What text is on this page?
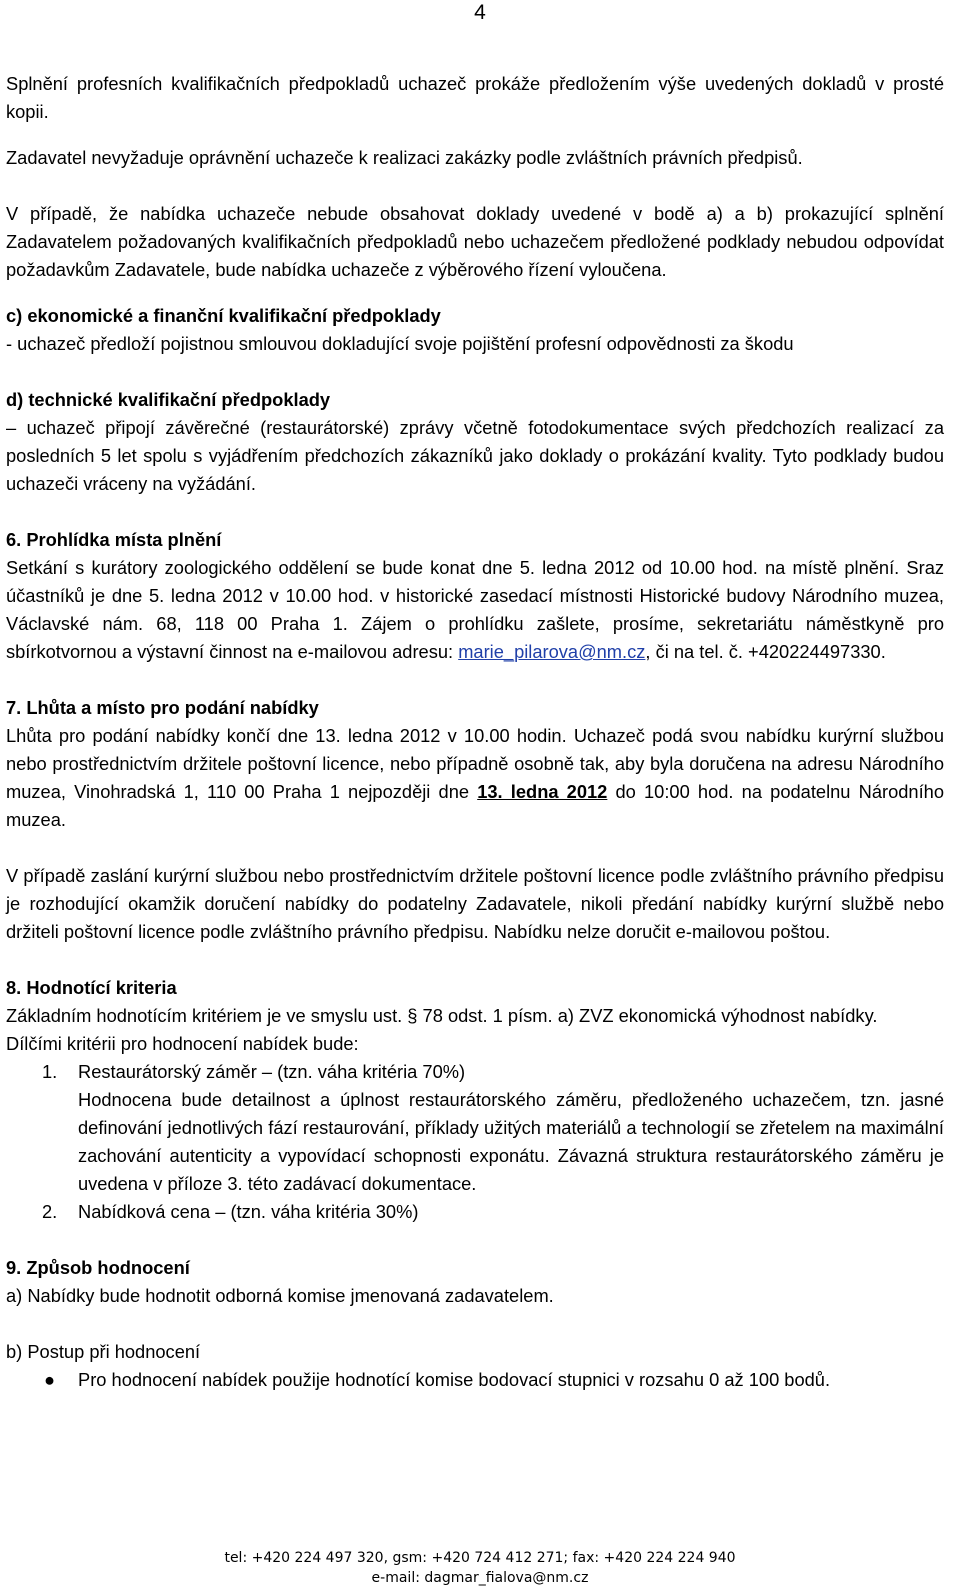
4

Splnění profesních kvalifikačních předpokladů uchazeč prokáže předložením výše uvedených dokladů v prosté kopii.

Zadavatel nevyžaduje oprávnění uchazeče k realizaci zakázky podle zvláštních právních předpisů.

V případě, že nabídka uchazeče nebude obsahovat doklady uvedené v bodě a) a b) prokazující splnění Zadavatelem požadovaných kvalifikačních předpokladů nebo uchazečem předložené podklady nebudou odpovídat požadavkům Zadavatele, bude nabídka uchazeče z výběrového řízení vyloučena.

c) ekonomické a finanční kvalifikační předpoklady

- uchazeč předloží pojistnou smlouvou dokladující svoje pojištění profesní odpovědnosti za škodu

d) technické kvalifikační předpoklady

– uchazeč připojí závěrečné (restaurátorské) zprávy včetně fotodokumentace svých předchozích realizací za posledních 5 let spolu s vyjádřením předchozích zákazníků jako doklady o prokázání kvality. Tyto podklady budou uchazeči vráceny na vyžádání.

6. Prohlídka místa plnění

Setkání s kurátory zoologického oddělení se bude konat dne 5. ledna 2012 od 10.00 hod. na místě plnění. Sraz účastníků je dne 5. ledna 2012 v 10.00 hod. v historické zasedací místnosti Historické budovy Národního muzea, Václavské nám. 68, 118 00 Praha 1. Zájem o prohlídku zašlete, prosíme, sekretariátu náměstkyně pro sbírkotvornou a výstavní činnost na e-mailovou adresu: marie_pilarova@nm.cz, či na tel. č. +420224497330.

7. Lhůta a místo pro podání nabídky

Lhůta pro podání nabídky končí dne 13. ledna 2012 v 10.00 hodin. Uchazeč podá svou nabídku kurýrní službou nebo prostřednictvím držitele poštovní licence, nebo případně osobně tak, aby byla doručena na adresu Národního muzea, Vinohradská 1, 110 00 Praha 1 nejpozději dne 13. ledna 2012 do 10:00 hod. na podatelnu Národního muzea.

V případě zaslání kurýrní službou nebo prostřednictvím držitele poštovní licence podle zvláštního právního předpisu je rozhodující okamžik doručení nabídky do podatelny Zadavatele, nikoli předání nabídky kurýrní službě nebo držiteli poštovní licence podle zvláštního právního předpisu. Nabídku nelze doručit e-mailovou poštou.

8. Hodnotící kriteria

Základním hodnotícím kritériem je ve smyslu ust. § 78 odst. 1 písm. a) ZVZ ekonomická výhodnost nabídky.

Dílčími kritérii pro hodnocení nabídek bude:

1. Restaurátorský záměr – (tzn. váha kritéria 70%)

Hodnocena bude detailnost a úplnost restaurátorského záměru, předloženého uchazečem, tzn. jasné definování jednotlivých fází restaurování, příklady užitých materiálů a technologií se zřetelem na maximální zachování autenticity a vypovídací schopnosti exponátu. Závazná struktura restaurátorského záměru je uvedena v příloze 3. této zadávací dokumentace.

2. Nabídková cena – (tzn. váha kritéria 30%)

9. Způsob hodnocení

a) Nabídky bude hodnotit odborná komise jmenovaná zadavatelem.

b) Postup při hodnocení

● Pro hodnocení nabídek použije hodnotící komise bodovací stupnici v rozsahu 0 až 100 bodů.
tel: +420 224 497 320, gsm: +420 724 412 271; fax: +420 224 224 940
e-mail: dagmar_fialova@nm.cz
